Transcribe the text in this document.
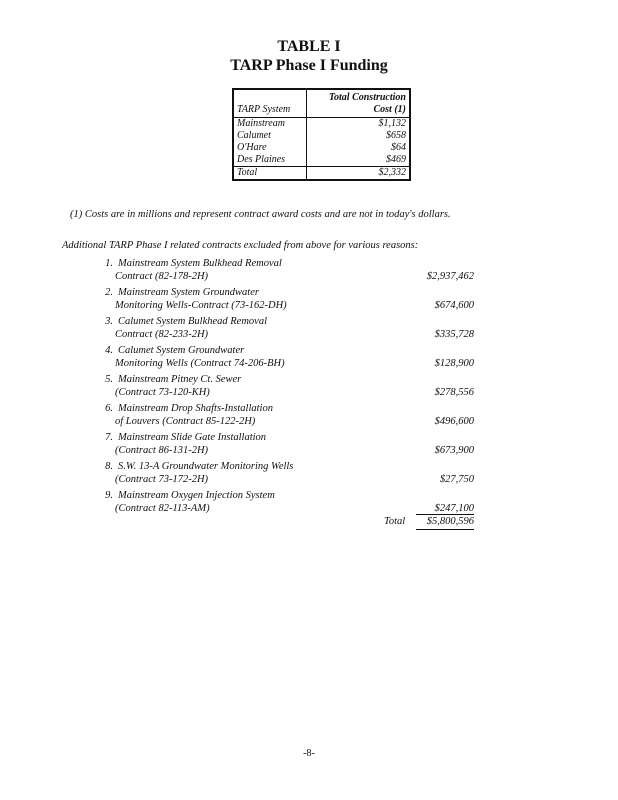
TABLE I
TARP Phase I Funding
TARP System	Total Construction
Cost (1)
Mainstream	$1,132
Calumet	$658
O'Hare	$64
Des Plaines	$469
Total	$2,332
(1) Costs are in millions and represent contract award costs and are not in today's dollars.
Additional TARP Phase I related contracts excluded from above for various reasons:
1. Mainstream System Bulkhead Removal
Contract (82-178-2H)	$2,937,462
2. Mainstream System Groundwater
Monitoring Wells-Contract (73-162-DH)	$674,600
3. Calumet System Bulkhead Removal
Contract (82-233-2H)	$335,728
4. Calumet System Groundwater
Monitoring Wells (Contract 74-206-BH)	$128,900
5. Mainstream Pitney Ct. Sewer
(Contract 73-120-KH)	$278,556
6. Mainstream Drop Shafts-Installation
of Louvers (Contract 85-122-2H)	$496,600
7. Mainstream Slide Gate Installation
(Contract 86-131-2H)	$673,900
8. S.W. 13-A Groundwater Monitoring Wells
(Contract 73-172-2H)	$27,750
9. Mainstream Oxygen Injection System
(Contract 82-113-AM)	$247,100
Total $5,800,596
-8-
